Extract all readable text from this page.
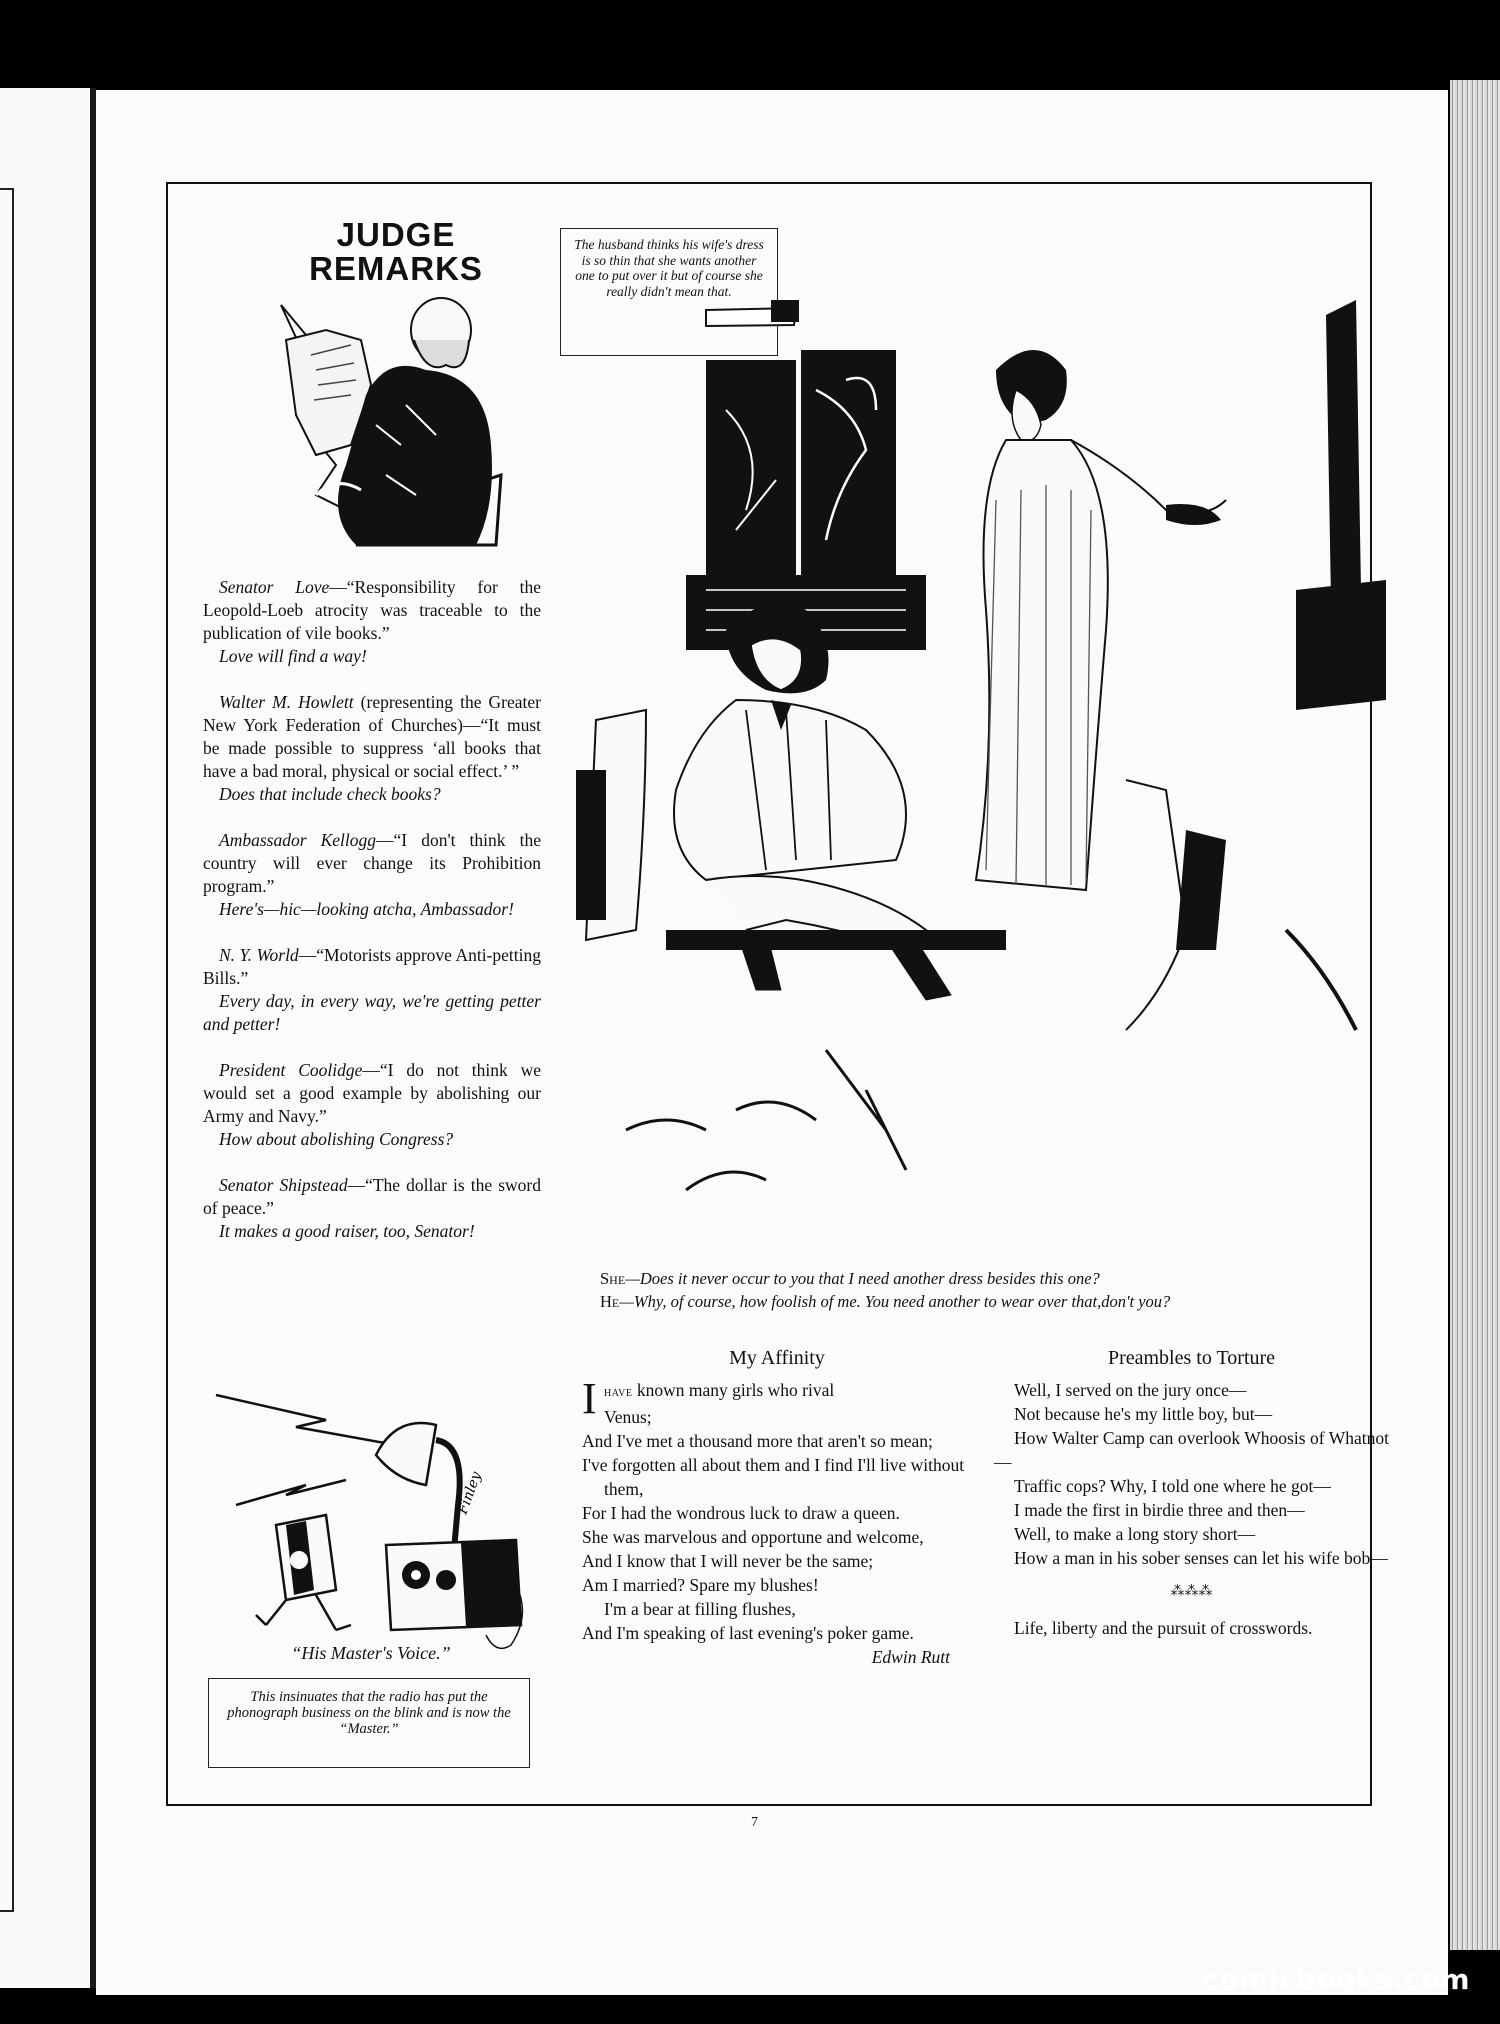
JUDGE
REMARKS
The husband thinks his wife's dress is so thin that she wants another one to put over it but of course she really didn't mean that.
Senator Love—“Responsibility for the Leopold-Loeb atrocity was traceable to the publication of vile books.”
Love will find a way!
Walter M. Howlett (representing the Greater New York Federation of Churches)—“It must be made possible to suppress ‘all books that have a bad moral, physical or social effect.’ ”
Does that include check books?
Ambassador Kellogg—“I don't think the country will ever change its Prohibition program.”
Here's—hic—looking atcha, Ambassador!
N. Y. World—“Motorists approve Anti-petting Bills.”
Every day, in every way, we're getting petter and petter!
President Coolidge—“I do not think we would set a good example by abolishing our Army and Navy.”
How about abolishing Congress?
Senator Shipstead—“The dollar is the sword of peace.”
It makes a good raiser, too, Senator!
Finley
“His Master's Voice.”
This insinuates that the radio has put the phonograph business on the blink and is now the “Master.”

She—Does it never occur to you that I need another dress besides this one?

He—Why, of course, how foolish of me. You need another to wear over that,don't you?

My Affinity
Ihave known many girls who rival
Venus;
And I've met a thousand more that aren't so mean;
I've forgotten all about them and I find I'll live without them,
For I had the wondrous luck to draw a queen.
She was marvelous and opportune and welcome,
And I know that I will never be the same;
Am I married? Spare my blushes!
I'm a bear at filling flushes,
And I'm speaking of last evening's poker game.
Edwin Rutt
Preambles to Torture

Well, I served on the jury once—

Not because he's my little boy, but—

How Walter Camp can overlook Whoosis of Whatnot—

Traffic cops? Why, I told one where he got—

I made the first in birdie three and then—

Well, to make a long story short—

How a man in his sober senses can let his wife bob—

⁂⁂⁂

Life, liberty and the pursuit of crosswords.

7
comicbooks.com
